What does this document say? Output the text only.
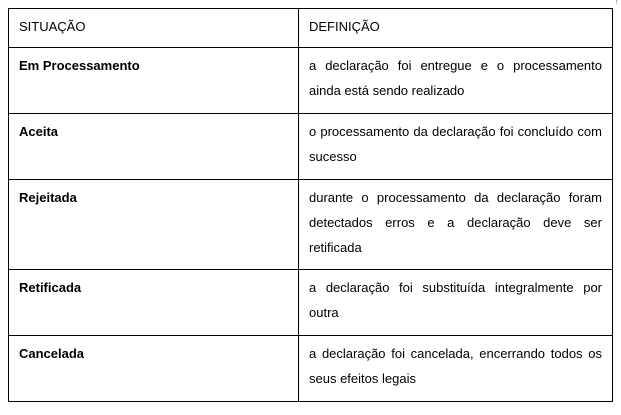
SITUAÇÃO	DEFINIÇÃO
Em Processamento	a declaração foi entregue e o processamento ainda está sendo realizado
Aceita	o processamento da declaração foi concluído com sucesso
Rejeitada	durante o processamento da declaração foram detectados erros e a declaração deve ser retificada
Retificada	a declaração foi substituída integralmente por outra
Cancelada	a declaração foi cancelada, encerrando todos os seus efeitos legais
